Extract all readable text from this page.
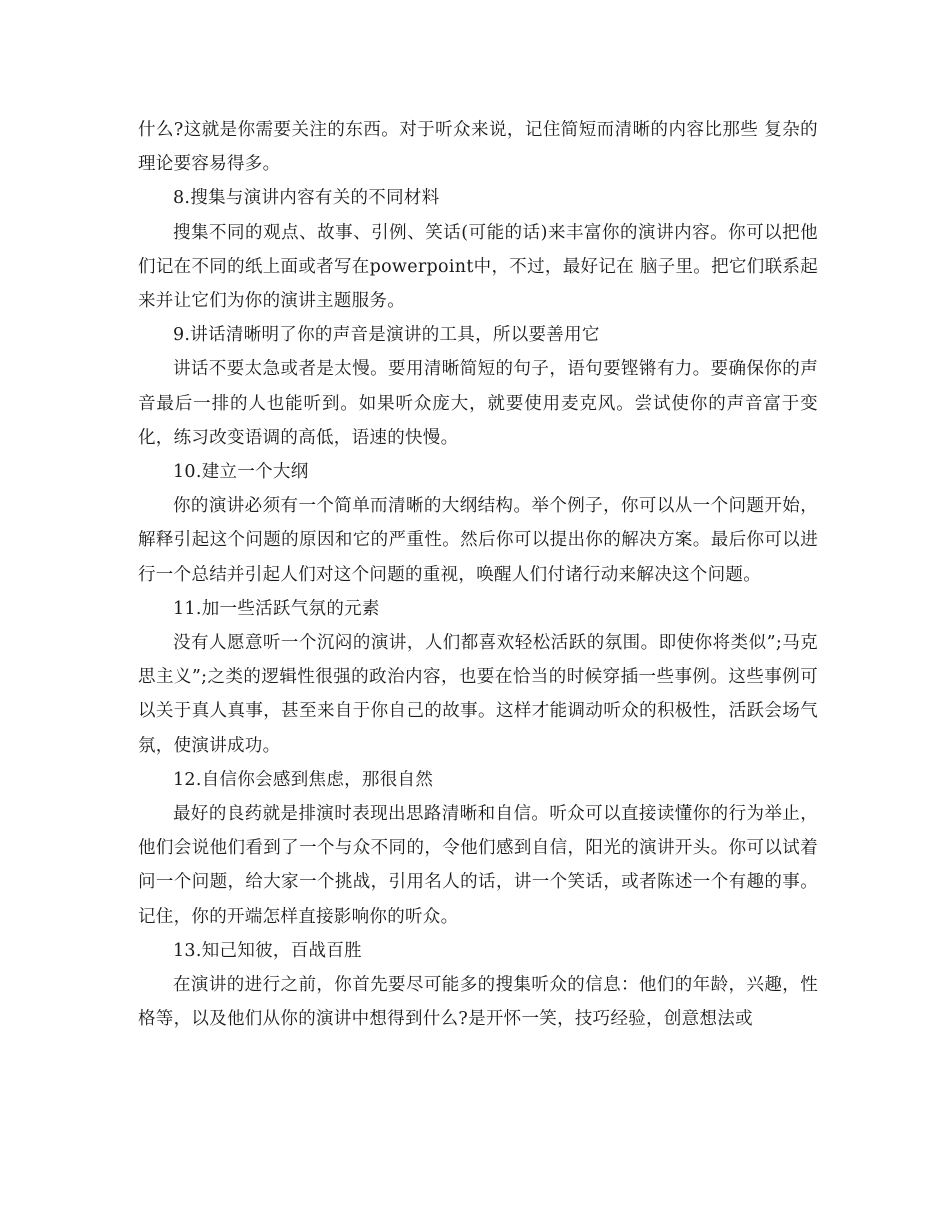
什么?这就是你需要关注的东西。对于听众来说，记住简短而清晰的内容比那些 复杂的理论要容易得多。

8.搜集与演讲内容有关的不同材料

搜集不同的观点、故事、引例、笑话(可能的话)来丰富你的演讲内容。你可以把他们记在不同的纸上面或者写在powerpoint中，不过，最好记在 脑子里。把它们联系起来并让它们为你的演讲主题服务。

9.讲话清晰明了你的声音是演讲的工具，所以要善用它

讲话不要太急或者是太慢。要用清晰简短的句子，语句要铿锵有力。要确保你的声音最后一排的人也能听到。如果听众庞大，就要使用麦克风。尝试使你的声音富于变化，练习改变语调的高低，语速的快慢。

10.建立一个大纲

你的演讲必须有一个简单而清晰的大纲结构。举个例子，你可以从一个问题开始，解释引起这个问题的原因和它的严重性。然后你可以提出你的解决方案。最后你可以进行一个总结并引起人们对这个问题的重视，唤醒人们付诸行动来解决这个问题。

11.加一些活跃气氛的元素

没有人愿意听一个沉闷的演讲，人们都喜欢轻松活跃的氛围。即使你将类似”;马克思主义”;之类的逻辑性很强的政治内容，也要在恰当的时候穿插一些事例。这些事例可以关于真人真事，甚至来自于你自己的故事。这样才能调动听众的积极性，活跃会场气氛，使演讲成功。

12.自信你会感到焦虑，那很自然

最好的良药就是排演时表现出思路清晰和自信。听众可以直接读懂你的行为举止，他们会说他们看到了一个与众不同的，令他们感到自信，阳光的演讲开头。你可以试着问一个问题，给大家一个挑战，引用名人的话，讲一个笑话，或者陈述一个有趣的事。记住，你的开端怎样直接影响你的听众。

13.知己知彼，百战百胜

在演讲的进行之前，你首先要尽可能多的搜集听众的信息：他们的年龄，兴趣，性格等，以及他们从你的演讲中想得到什么?是开怀一笑，技巧经验，创意想法或
